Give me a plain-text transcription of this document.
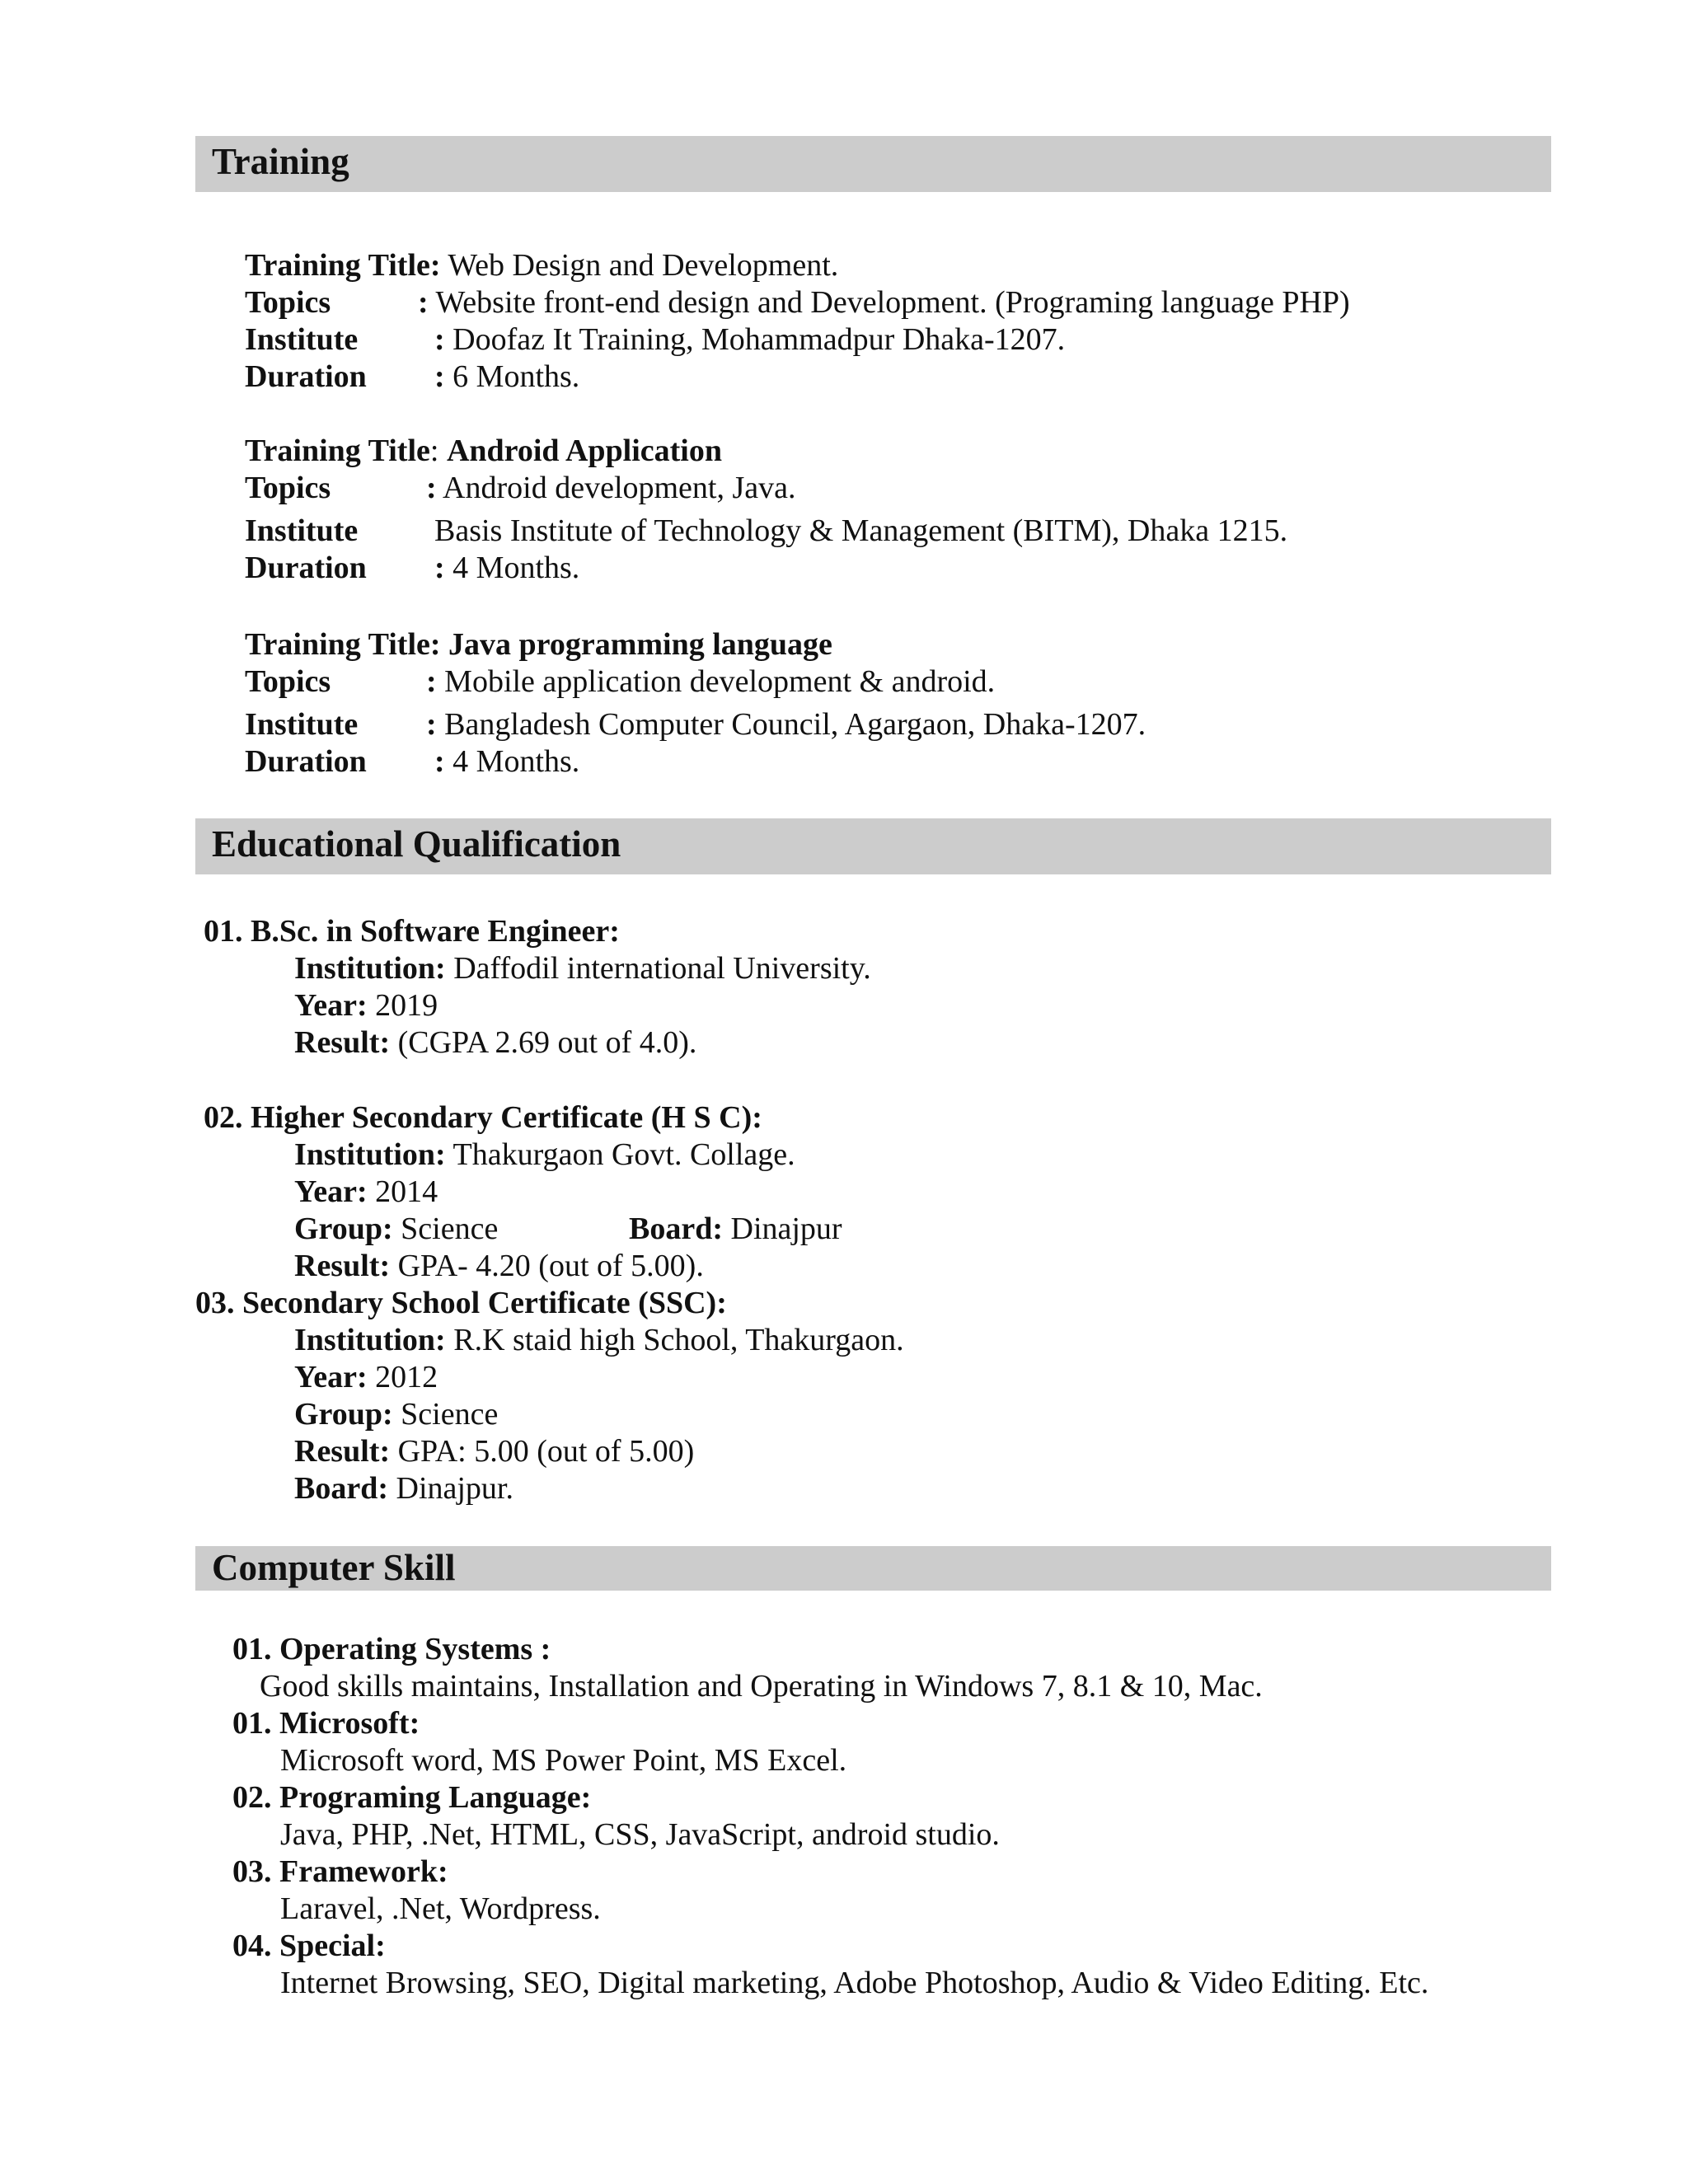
Training
Training Title: Web Design and Development.
Topics	: Website front-end design and Development. (Programing language PHP)
Institute : Doofaz It Training, Mohammadpur Dhaka-1207.
Duration : 6 Months.
Training Title: Android Application
Topics	: Android development, Java.
Institute Basis Institute of Technology & Management (BITM), Dhaka 1215.
Duration : 4 Months.
Training Title: Java programming language
Topics	: Mobile application development & android.
Institute : Bangladesh Computer Council, Agargaon, Dhaka-1207.
Duration : 4 Months.
Educational Qualification
01. B.Sc. in Software Engineer:
Institution: Daffodil international University.
Year: 2019
Result: (CGPA 2.69 out of 4.0).
02. Higher Secondary Certificate (H S C):
Institution: Thakurgaon Govt. Collage.
Year: 2014
Group: Science	Board: Dinajpur
Result: GPA- 4.20 (out of 5.00).
03. Secondary School Certificate (SSC):
Institution: R.K staid high School, Thakurgaon.
Year: 2012
Group: Science
Result: GPA: 5.00 (out of 5.00)
Board: Dinajpur.
Computer Skill
01. Operating Systems :
Good skills maintains, Installation and Operating in Windows 7, 8.1 & 10, Mac.
01. Microsoft:
Microsoft word, MS Power Point, MS Excel.
02. Programing Language:
Java, PHP, .Net, HTML, CSS, JavaScript, android studio.
03. Framework:
Laravel, .Net, Wordpress.
04. Special:
Internet Browsing, SEO, Digital marketing, Adobe Photoshop, Audio & Video Editing. Etc.
